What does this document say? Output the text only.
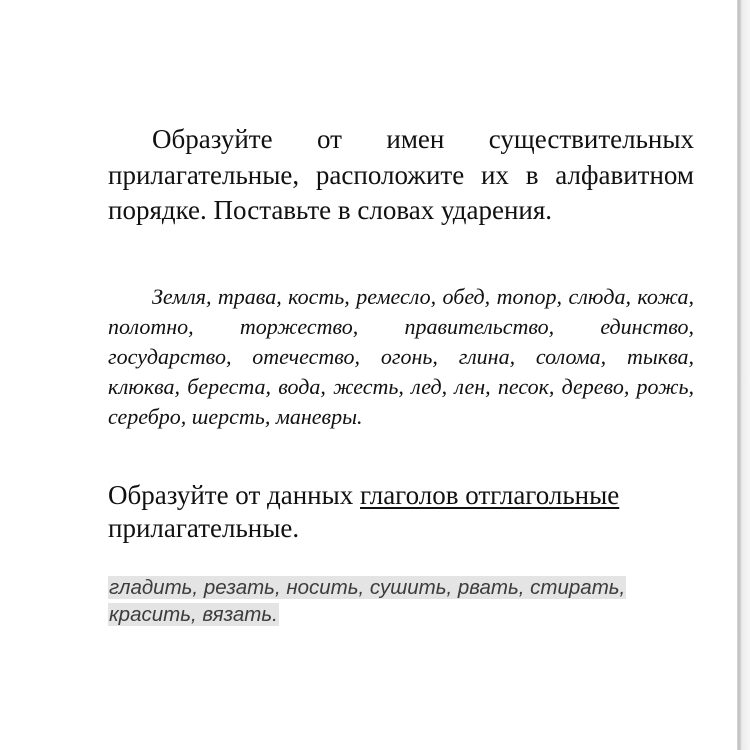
Образуйте от имен существительных прилагательные, расположите их в алфавитном порядке. Поставьте в словах ударения.

Земля, трава, кость, ремесло, обед, топор, слюда, кожа, полотно, торжество, правительство, единство, государство, отечество, огонь, глина, солома, тыква, клюква, береста, вода, жесть, лед, лен, песок, дерево, рожь, серебро, шерсть, маневры.

Образуйте от данных глаголов отглагольные прилагательные.

гладить, резать, носить, сушить, рвать, стирать, красить, вязать.
